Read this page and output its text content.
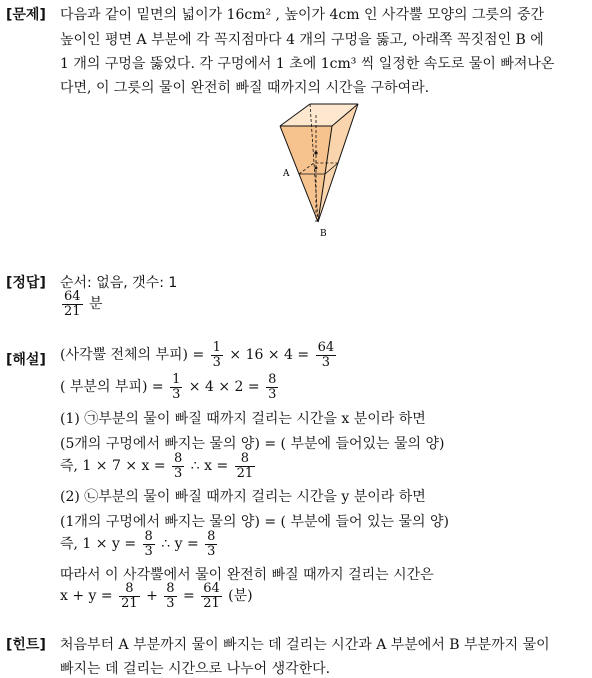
[문제] 다음과 같이 밑면의 넓이가 16cm² , 높이가 4cm 인 사각뿔 모양의 그릇의 중간
높이인 평면 A 부분에 각 꼭지점마다 4 개의 구멍을 뚫고, 아래쪽 꼭짓점인 B 에
1 개의 구멍을 뚫었다. 각 구멍에서 1 초에 1cm³ 씩 일정한 속도로 물이 빠져나온
다면, 이 그릇의 물이 완전히 빠질 때까지의 시간을 구하여라.
A
B
[정답] 순서: 없음, 갯수: 1
$\frac{64}{21}$ 분
[해설] (사각뿔 전체의 부피) = $\frac{1}{3} \times 16 \times 4 = \frac{64}{3}$
( 부분의 부피) = $\frac{1}{3} \times 4 \times 2 = \frac{8}{3}$
(1) ㉠부분의 물이 빠질 때까지 걸리는 시간을 x 분이라 하면
(5개의 구멍에서 빠지는 물의 양) = ( 부분에 들어있는 물의 양)
즉, $1 \times 7 \times x = \frac{8}{3}$ ∴ $x = \frac{8}{21}$
(2) ㉡부분의 물이 빠질 때까지 걸리는 시간을 y 분이라 하면
(1개의 구멍에서 빠지는 물의 양) = ( 부분에 들어 있는 물의 양)
즉, $1 \times y = \frac{8}{3}$ ∴ $y = \frac{8}{3}$
따라서 이 사각뿔에서 물이 완전히 빠질 때까지 걸리는 시간은
$x + y = \frac{8}{21} + \frac{8}{3} = \frac{64}{21}$ (분)
[힌트] 처음부터 A 부분까지 물이 빠지는 데 걸리는 시간과 A 부분에서 B 부분까지 물이
빠지는 데 걸리는 시간으로 나누어 생각한다.
